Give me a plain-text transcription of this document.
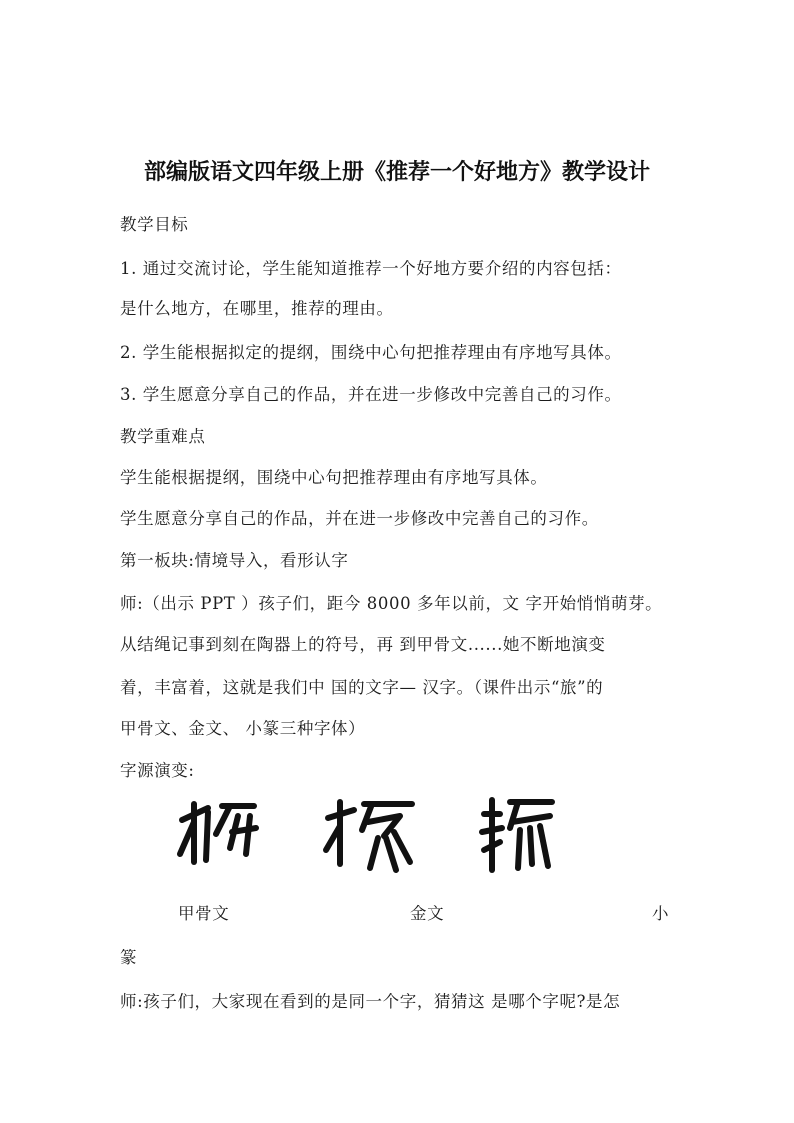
部编版语文四年级上册《推荐一个好地方》教学设计
教学目标
1. 通过交流讨论，学生能知道推荐一个好地方要介绍的内容包括：
是什么地方，在哪里，推荐的理由。
2. 学生能根据拟定的提纲，围绕中心句把推荐理由有序地写具体。
3. 学生愿意分享自己的作品，并在进一步修改中完善自己的习作。
教学重难点
学生能根据提纲，围绕中心句把推荐理由有序地写具体。
学生愿意分享自己的作品，并在进一步修改中完善自己的习作。
第一板块:情境导入，看形认字
师:（出示 PPT ）孩子们，距今 8000 多年以前，文 字开始悄悄萌芽。
从结绳记事到刻在陶器上的符号，再 到甲骨文......她不断地演变
着，丰富着，这就是我们中 国的文字— 汉字。（课件出示“旅”的
甲骨文、金文、 小篆三种字体）
字源演变:
甲骨文	金文	小
篆
师:孩子们，大家现在看到的是同一个字，猜猜这 是哪个字呢?是怎
